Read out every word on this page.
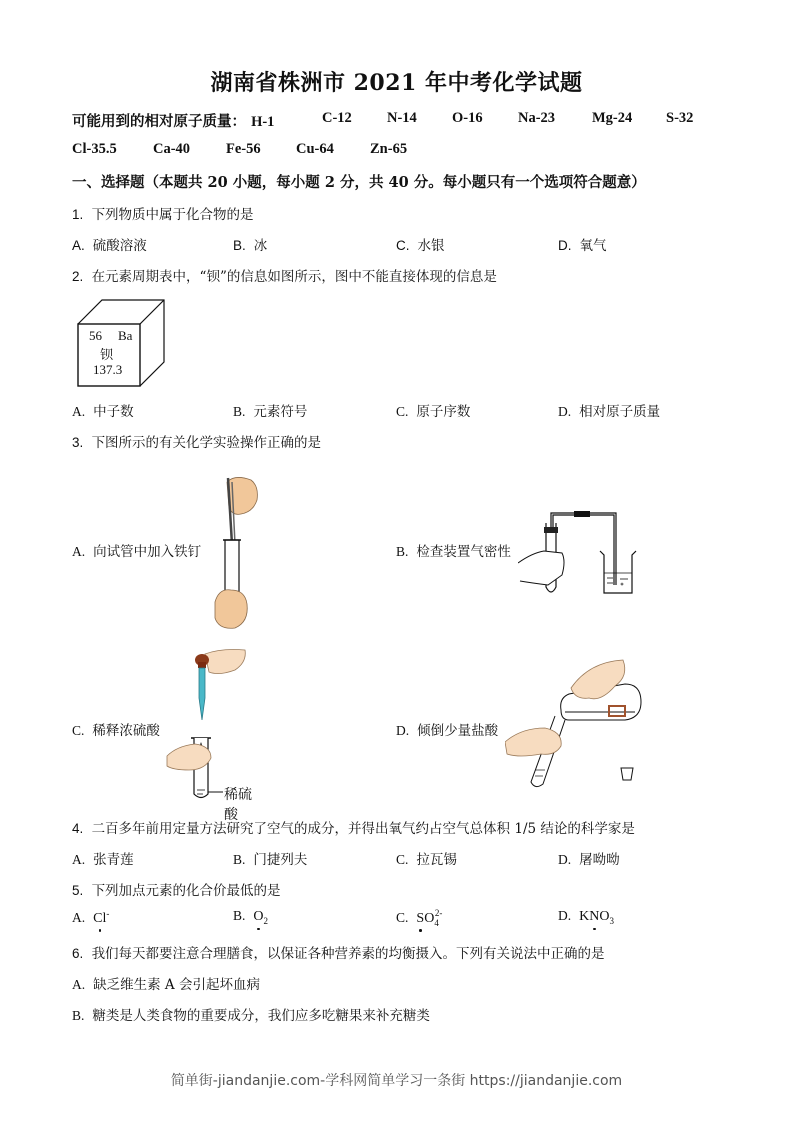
湖南省株洲市 2021 年中考化学试题
可能用到的相对原子质量： H-1	C-12 N-14 O-16 Na-23	Mg-24 S-32
Cl-35.5	Ca-40 Fe-56 Cu-64 Zn-65
一、选择题（本题共 20 小题，每小题 2 分，共 40 分。每小题只有一个选项符合题意）
1. 下列物质中属于化合物的是
A. 硫酸溶液	B. 冰	C. 水银	D. 氧气
2. 在元素周期表中，“钡”的信息如图所示，图中不能直接体现的信息是
56 Ba
钡
137.3
A. 中子数	B. 元素符号	C. 原子序数	D. 相对原子质量
3. 下图所示的有关化学实验操作正确的是
A. 向试管中加入铁钉	B. 检查装置气密性
C. 稀释浓硫酸
稀硫酸
D. 倾倒少量盐酸
4. 二百多年前用定量方法研究了空气的成分，并得出氧气约占空气总体积 1/5 结论的科学家是
A. 张青莲	B. 门捷列夫	C. 拉瓦锡	D. 屠呦呦
5. 下列加点元素的化合价最低的是
A. Cl-	B. $O_2$	C. $SO_4^{2-}$	D. $KNO_3$
6. 我们每天都要注意合理膳食，以保证各种营养素的均衡摄入。下列有关说法中正确的是
A. 缺乏维生素 A 会引起坏血病
B. 糖类是人类食物的重要成分，我们应多吃糖果来补充糖类
简单街-jiandanjie.com-学科网简单学习一条街 https://jiandanjie.com
